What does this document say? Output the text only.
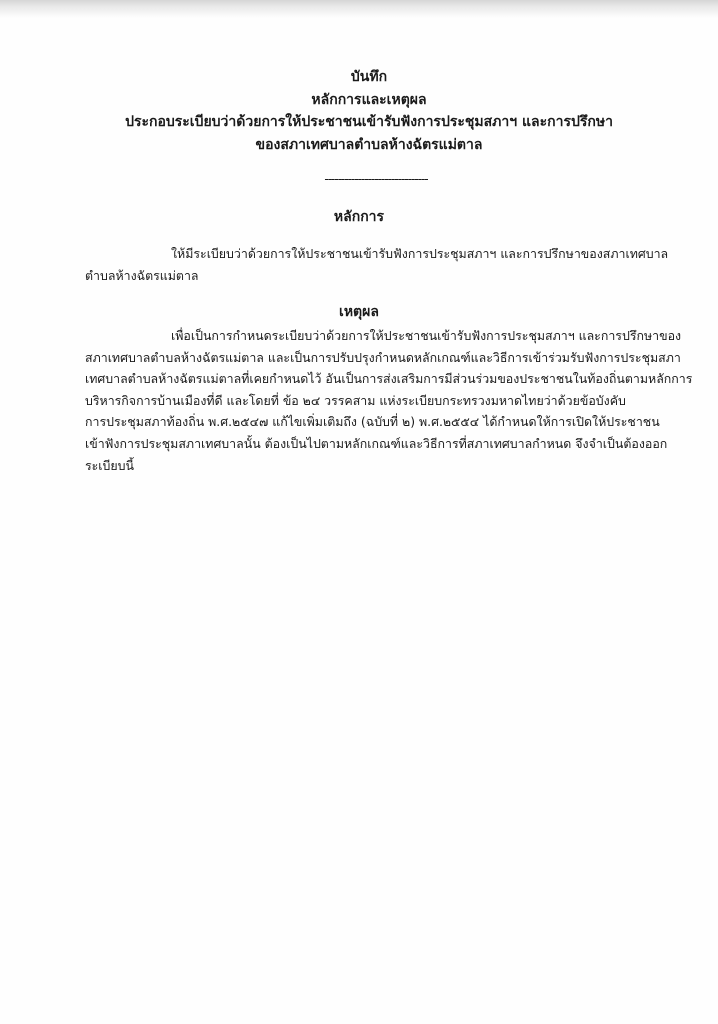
บันทึก
หลักการและเหตุผล
ประกอบระเบียบว่าด้วยการให้ประชาชนเข้ารับฟังการประชุมสภาฯ และการปรึกษา
ของสภาเทศบาลตำบลห้างฉัตรแม่ตาล
-------------------------------
หลักการ
ให้มีระเบียบว่าด้วยการให้ประชาชนเข้ารับฟังการประชุมสภาฯ และการปรึกษาของสภาเทศบาล
ตำบลห้างฉัตรแม่ตาล
เหตุผล
เพื่อเป็นการกำหนดระเบียบว่าด้วยการให้ประชาชนเข้ารับฟังการประชุมสภาฯ และการปรึกษาของ
สภาเทศบาลตำบลห้างฉัตรแม่ตาล และเป็นการปรับปรุงกำหนดหลักเกณฑ์และวิธีการเข้าร่วมรับฟังการประชุมสภา
เทศบาลตำบลห้างฉัตรแม่ตาลที่เคยกำหนดไว้ อันเป็นการส่งเสริมการมีส่วนร่วมของประชาชนในท้องถิ่นตามหลักการ
บริหารกิจการบ้านเมืองที่ดี และโดยที่ ข้อ ๒๔ วรรคสาม แห่งระเบียบกระทรวงมหาดไทยว่าด้วยข้อบังคับ
การประชุมสภาท้องถิ่น พ.ศ.๒๕๔๗ แก้ไขเพิ่มเติมถึง (ฉบับที่ ๒) พ.ศ.๒๕๕๔ ได้กำหนดให้การเปิดให้ประชาชน
เข้าฟังการประชุมสภาเทศบาลนั้น ต้องเป็นไปตามหลักเกณฑ์และวิธีการที่สภาเทศบาลกำหนด จึงจำเป็นต้องออก
ระเบียบนี้
